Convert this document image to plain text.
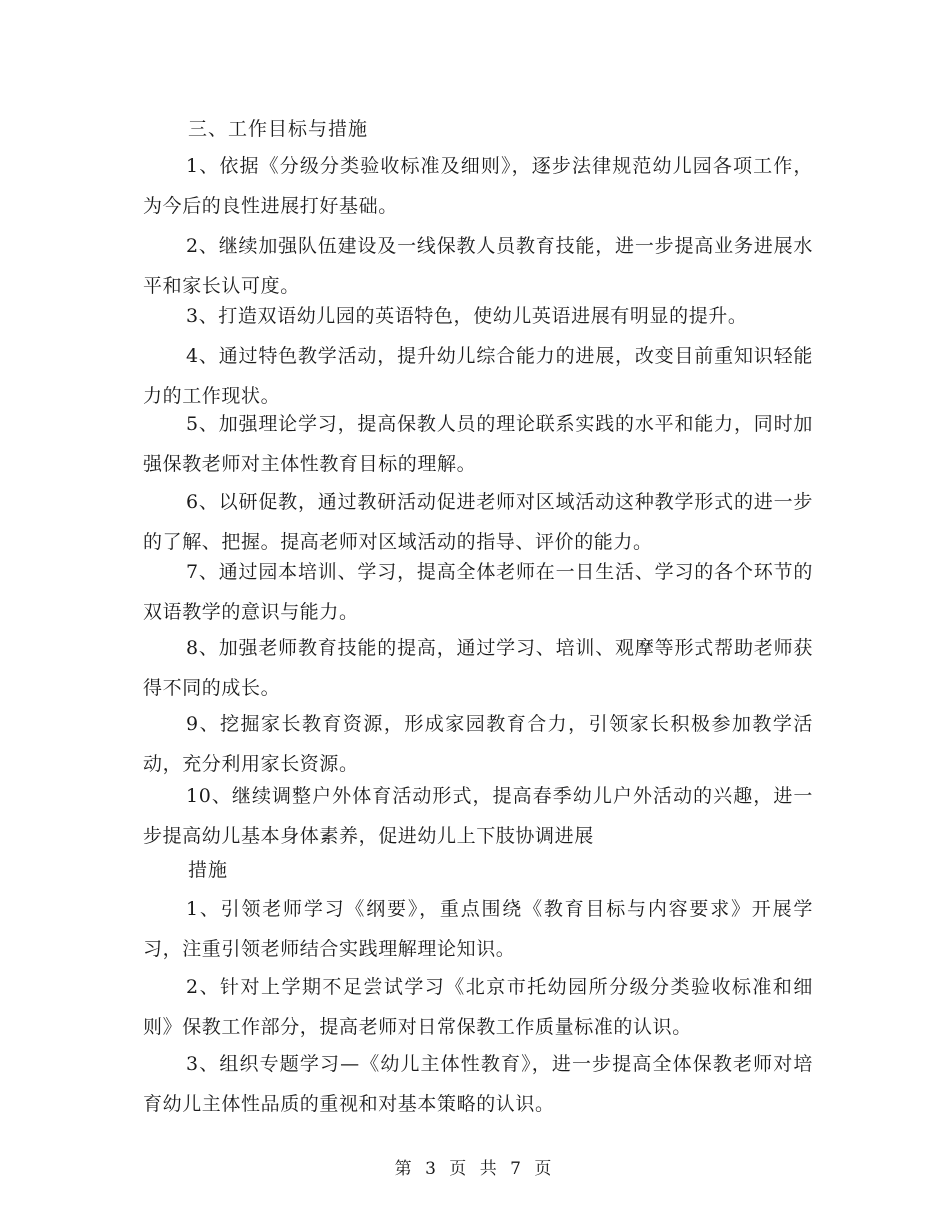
三、工作目标与措施
1、依据《分级分类验收标准及细则》，逐步法律规范幼儿园各项工作，为今后的良性进展打好基础。
2、继续加强队伍建设及一线保教人员教育技能，进一步提高业务进展水平和家长认可度。
3、打造双语幼儿园的英语特色，使幼儿英语进展有明显的提升。
4、通过特色教学活动，提升幼儿综合能力的进展，改变目前重知识轻能力的工作现状。
5、加强理论学习，提高保教人员的理论联系实践的水平和能力，同时加强保教老师对主体性教育目标的理解。
6、以研促教，通过教研活动促进老师对区域活动这种教学形式的进一步的了解、把握。提高老师对区域活动的指导、评价的能力。
7、通过园本培训、学习，提高全体老师在一日生活、学习的各个环节的双语教学的意识与能力。
8、加强老师教育技能的提高，通过学习、培训、观摩等形式帮助老师获得不同的成长。
9、挖掘家长教育资源，形成家园教育合力，引领家长积极参加教学活动，充分利用家长资源。
10、继续调整户外体育活动形式，提高春季幼儿户外活动的兴趣，进一步提高幼儿基本身体素养，促进幼儿上下肢协调进展
措施
1、引领老师学习《纲要》，重点围绕《教育目标与内容要求》开展学习，注重引领老师结合实践理解理论知识。
2、针对上学期不足尝试学习《北京市托幼园所分级分类验收标准和细则》保教工作部分，提高老师对日常保教工作质量标准的认识。
3、组织专题学习—《幼儿主体性教育》，进一步提高全体保教老师对培育幼儿主体性品质的重视和对基本策略的认识。
第 3 页 共 7 页
